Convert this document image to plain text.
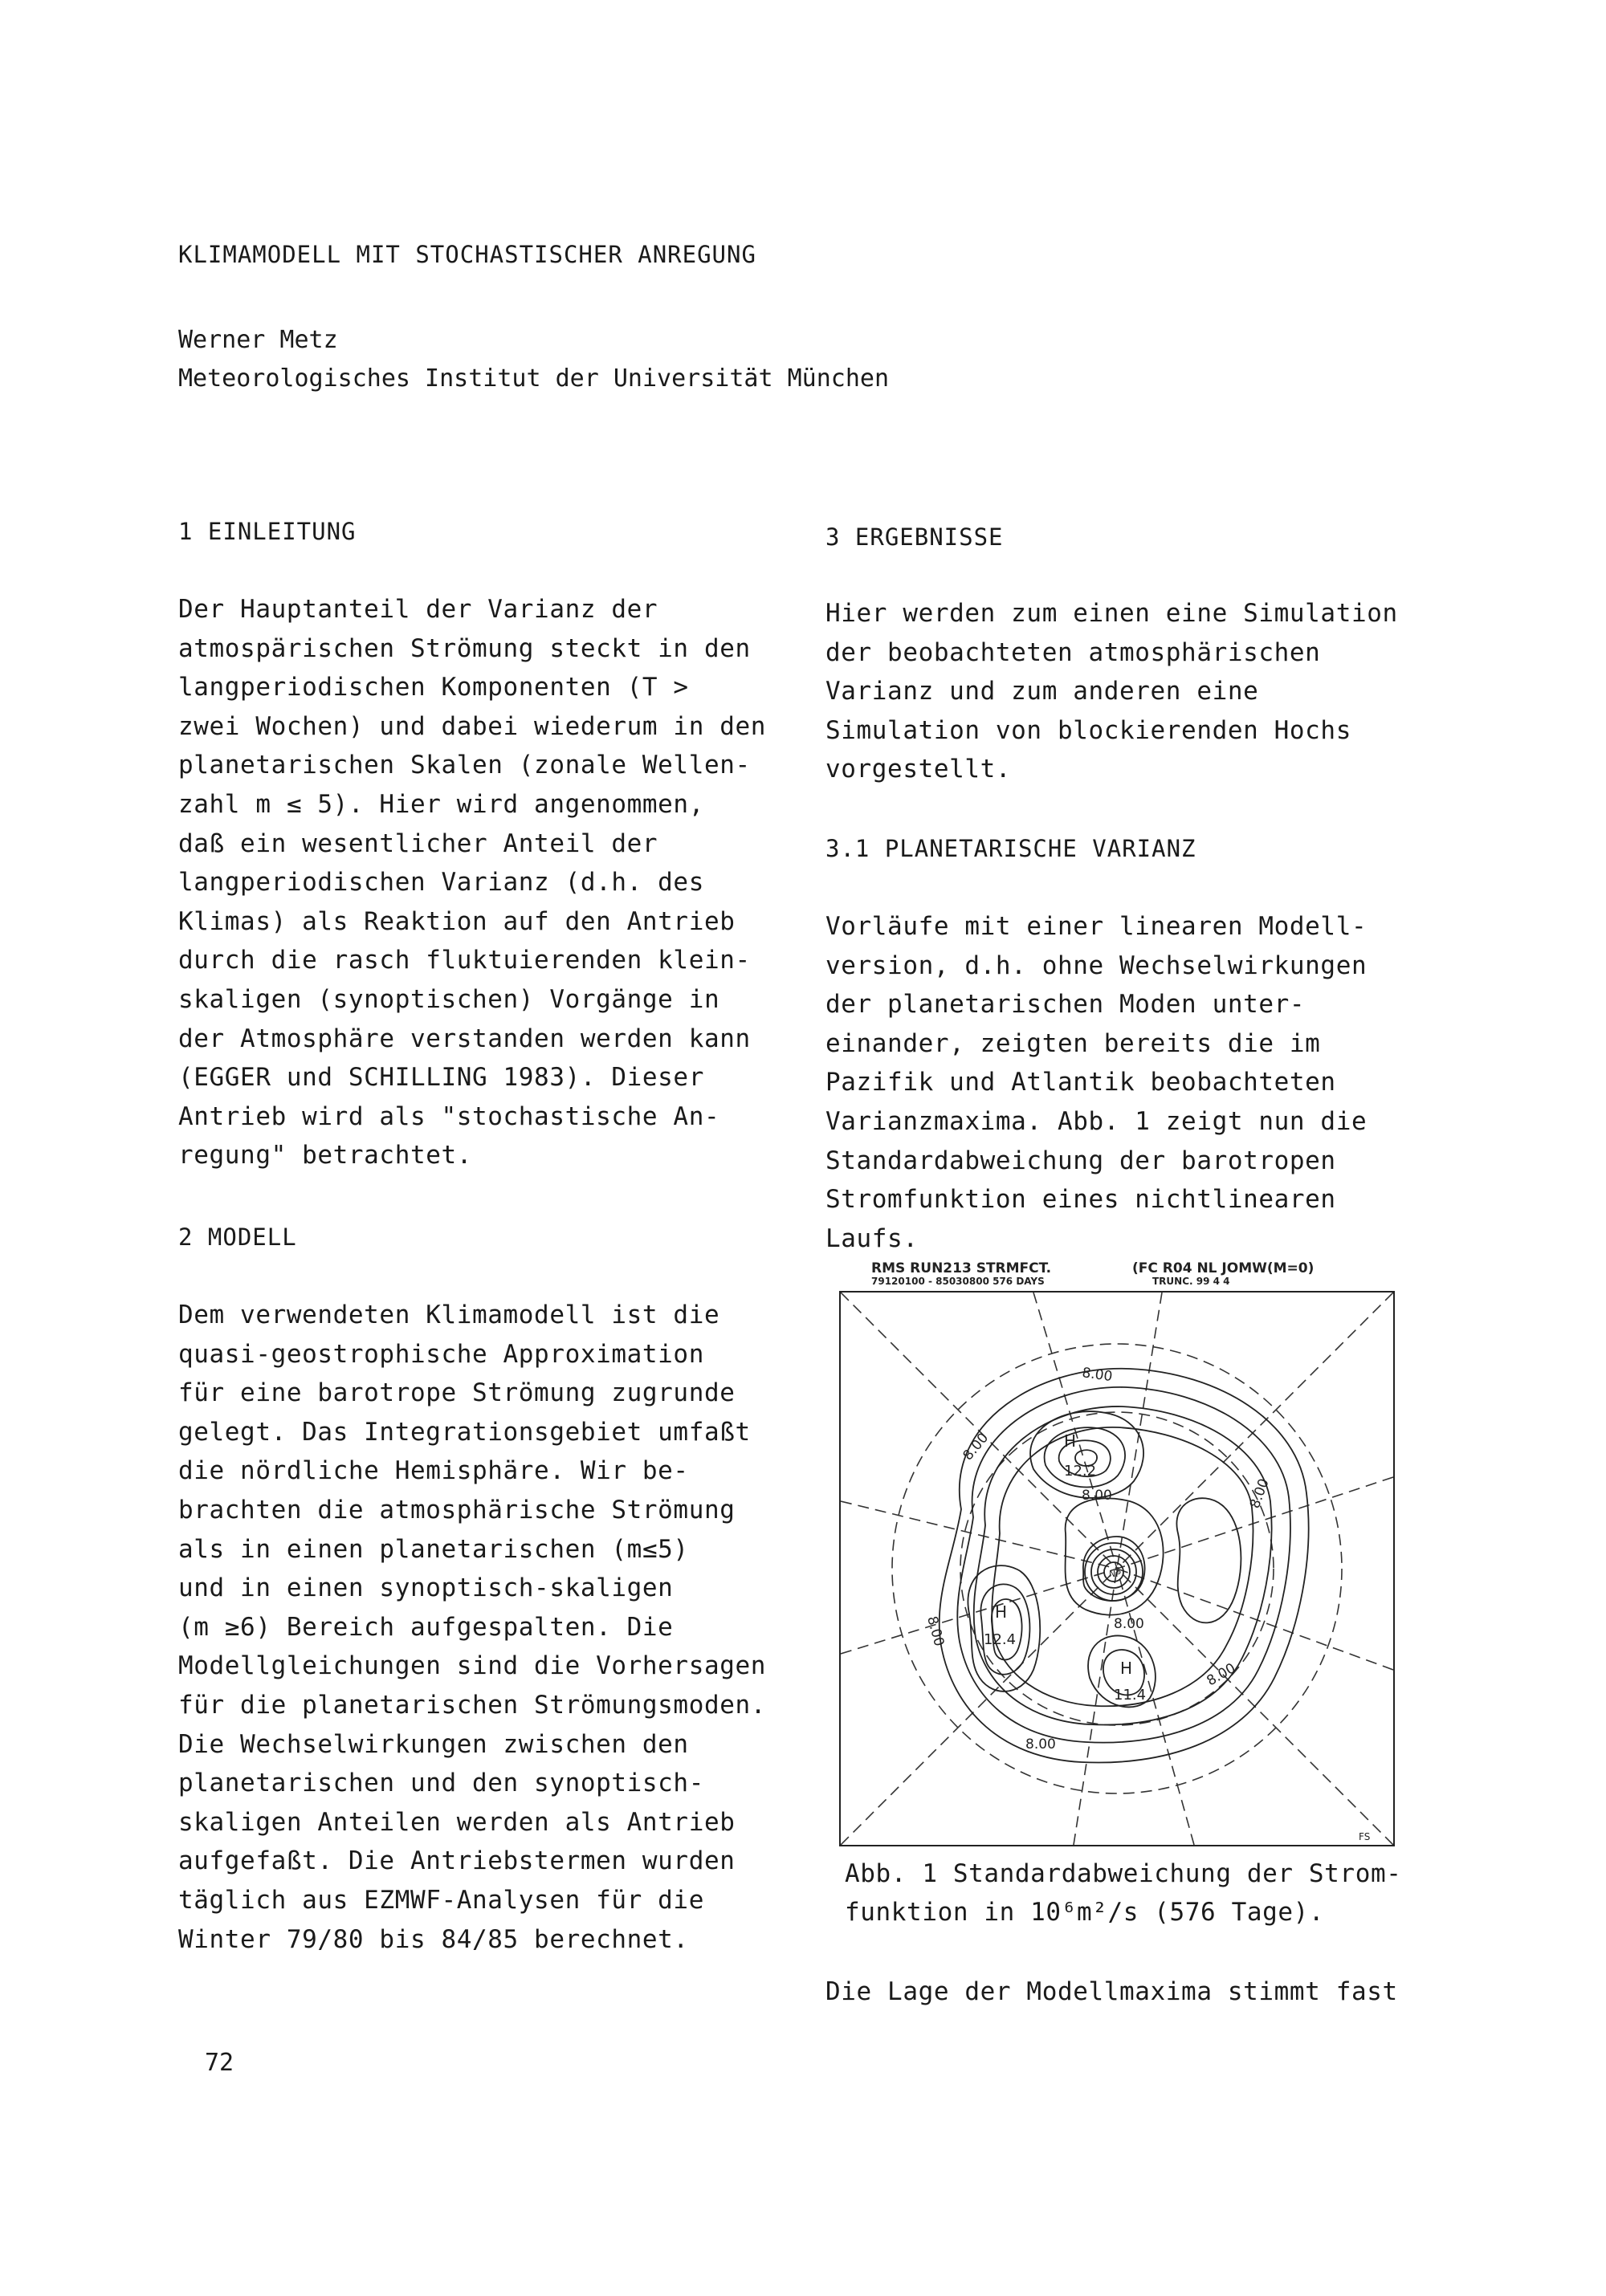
KLIMAMODELL MIT STOCHASTISCHER ANREGUNG
Werner Metz
Meteorologisches Institut der Universität München
1 EINLEITUNG
Der Hauptanteil der Varianz der
atmospärischen Strömung steckt in den
langperiodischen Komponenten (T >
zwei Wochen) und dabei wiederum in den
planetarischen Skalen (zonale Wellen-
zahl m ≤ 5). Hier wird angenommen,
daß ein wesentlicher Anteil der
langperiodischen Varianz (d.h. des
Klimas) als Reaktion auf den Antrieb
durch die rasch fluktuierenden klein-
skaligen (synoptischen) Vorgänge in
der Atmosphäre verstanden werden kann
(EGGER und SCHILLING 1983). Dieser
Antrieb wird als "stochastische An-
regung" betrachtet.
2 MODELL
Dem verwendeten Klimamodell ist die
quasi-geostrophische Approximation
für eine barotrope Strömung zugrunde
gelegt. Das Integrationsgebiet umfaßt
die nördliche Hemisphäre. Wir be-
brachten die atmosphärische Strömung
als in einen planetarischen (m≤5)
und in einen synoptisch-skaligen
(m ≥6) Bereich aufgespalten. Die
Modellgleichungen sind die Vorhersagen
für die planetarischen Strömungsmoden.
Die Wechselwirkungen zwischen den
planetarischen und den synoptisch-
skaligen Anteilen werden als Antrieb
aufgefaßt. Die Antriebstermen wurden
täglich aus EZMWF-Analysen für die
Winter 79/80 bis 84/85 berechnet.
3 ERGEBNISSE
Hier werden zum einen eine Simulation
der beobachteten atmosphärischen
Varianz und zum anderen eine
Simulation von blockierenden Hochs
vorgestellt.
3.1 PLANETARISCHE VARIANZ
Vorläufe mit einer linearen Modell-
version, d.h. ohne Wechselwirkungen
der planetarischen Moden unter-
einander, zeigten bereits die im
Pazifik und Atlantik beobachteten
Varianzmaxima. Abb. 1 zeigt nun die
Standardabweichung der barotropen
Stromfunktion eines nichtlinearen
Laufs.
RMS RUN213 STRMFCT.
79120100 - 85030800 576 DAYS
(FC R04 NL JOMW(M=0)
TRUNC. 99 4 4
8.00
8.00
8.00	8.00
8.00
8.00
8.00
8.00
H
12.2
H
12.4
H
11.4
NP
FS
Abb. 1 Standardabweichung der Strom-
funktion in 10⁶m²/s (576 Tage).
Die Lage der Modellmaxima stimmt fast
72
